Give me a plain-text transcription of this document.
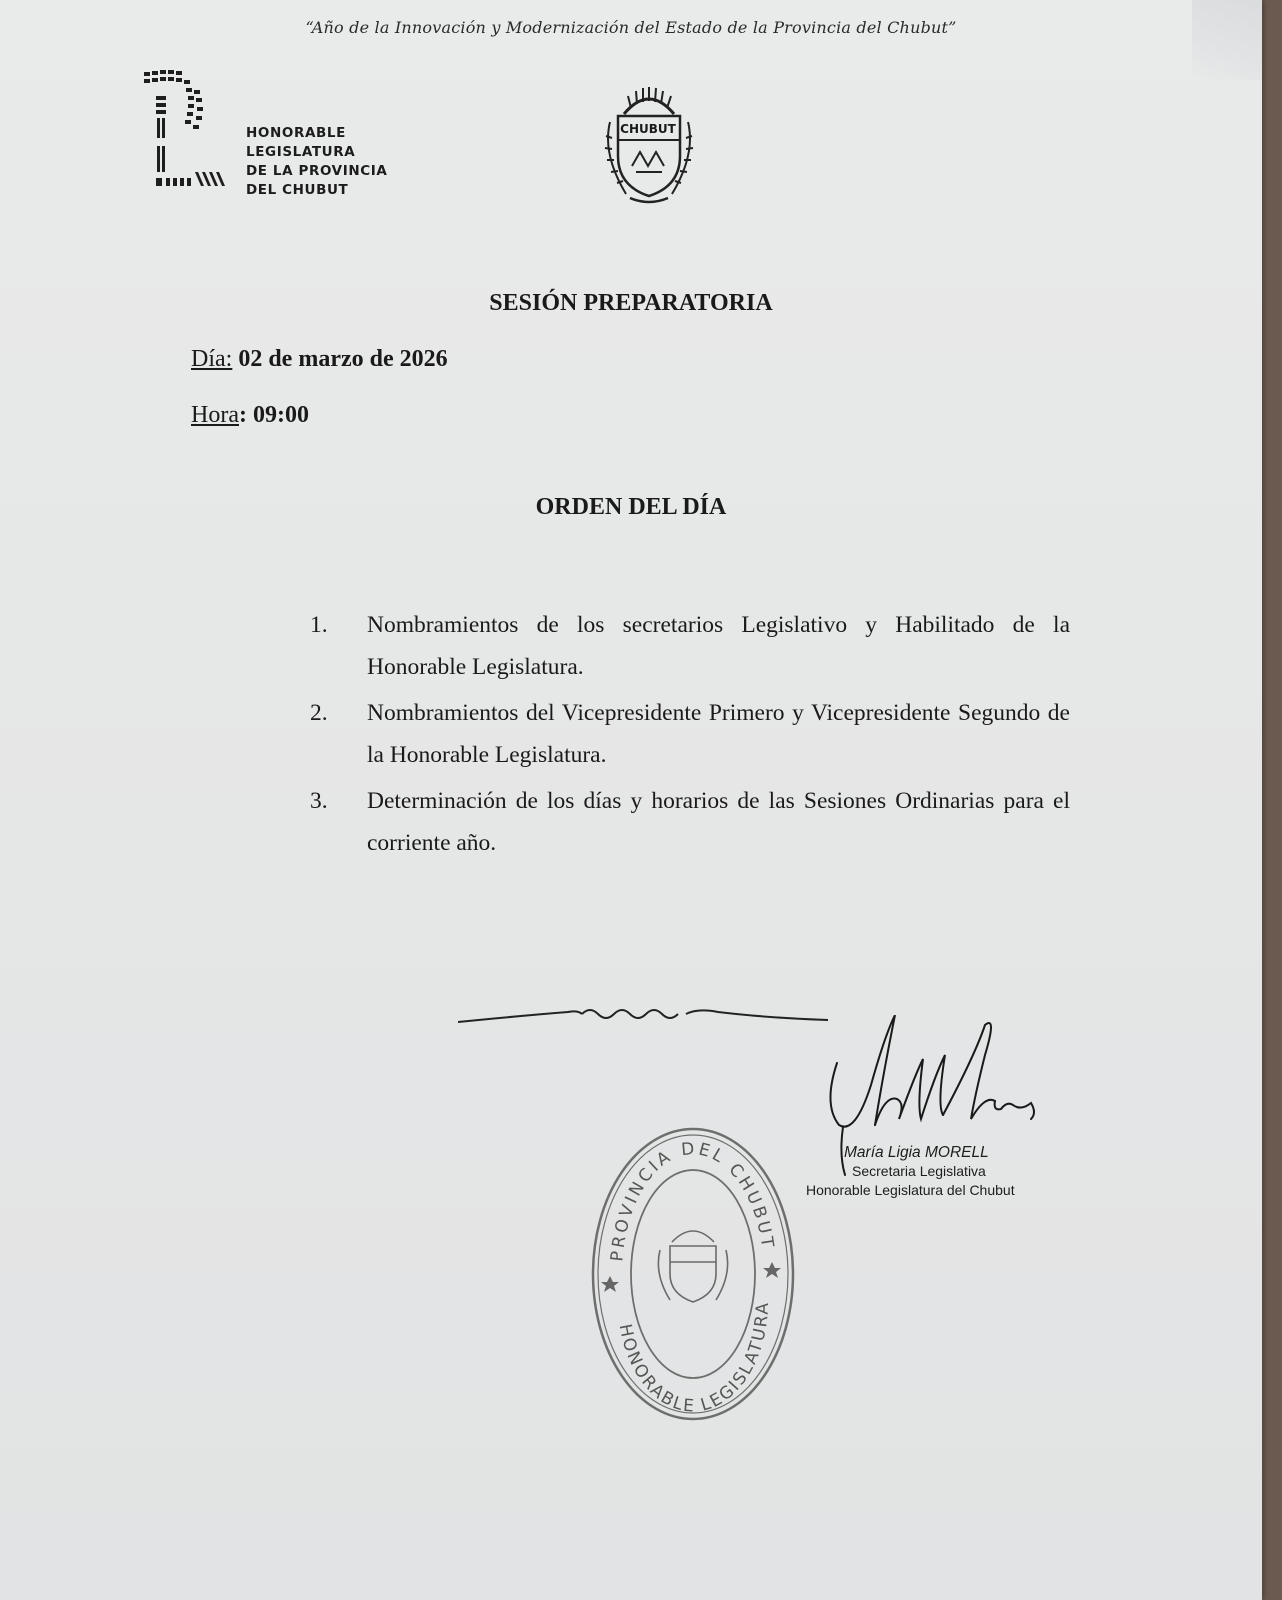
“Año de la Innovación y Modernización del Estado de la Provincia del Chubut”
HONORABLE
LEGISLATURA
DE LA PROVINCIA
DEL CHUBUT
CHUBUT
SESIÓN PREPARATORIA
Día: 02 de marzo de 2026
Hora: 09:00
ORDEN DEL DÍA
1. Nombramientos de los secretarios Legislativo y Habilitado de la Honorable Legislatura.
2. Nombramientos del Vicepresidente Primero y Vicepresidente Segundo de la Honorable Legislatura.
3. Determinación de los días y horarios de las Sesiones Ordinarias para el corriente año.
María Ligia MORELL
Secretaria Legislativa
Honorable Legislatura del Chubut
PROVINCIA DEL CHUBUT
HONORABLE LEGISLATURA
